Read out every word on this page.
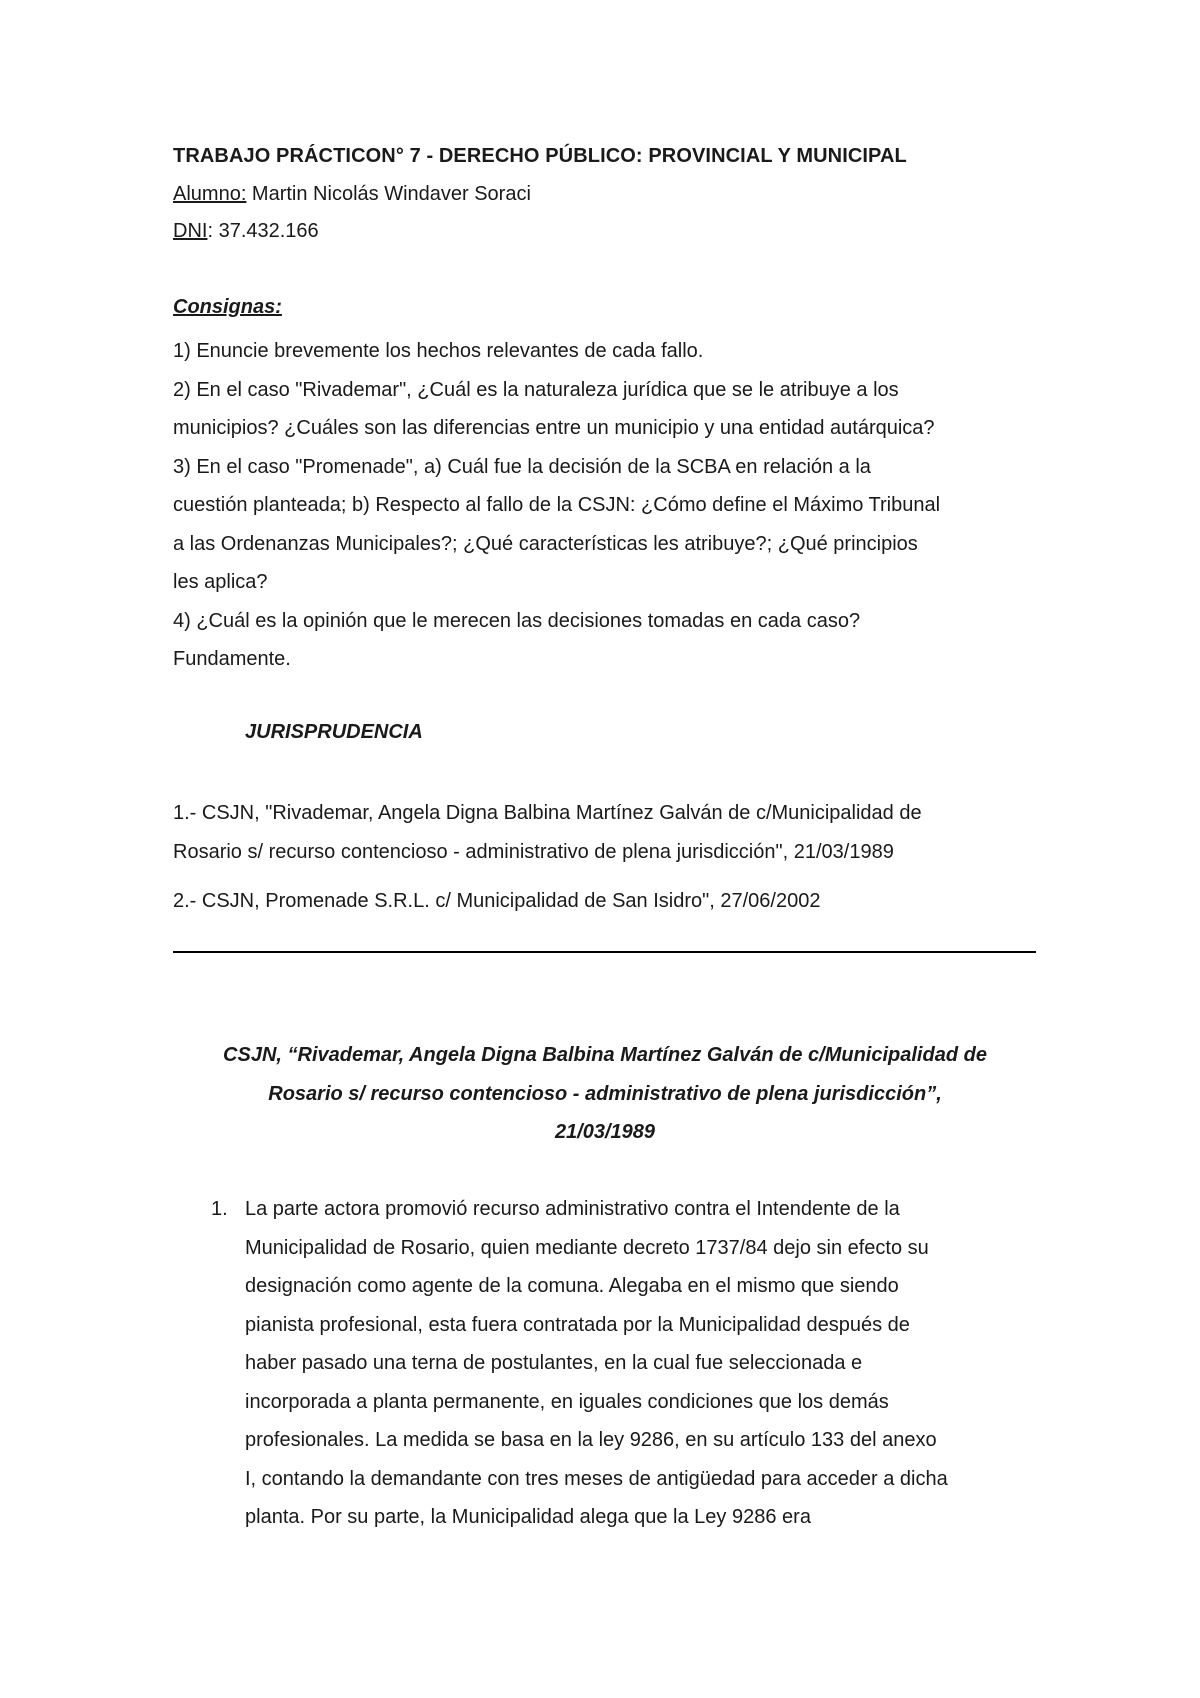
TRABAJO PRÁCTICON° 7 - DERECHO PÚBLICO: PROVINCIAL Y MUNICIPAL
Alumno: Martin Nicolás Windaver Soraci
DNI: 37.432.166
Consignas:
1) Enuncie brevemente los hechos relevantes de cada fallo.
2) En el caso "Rivademar", ¿Cuál es la naturaleza jurídica que se le atribuye a los
municipios? ¿Cuáles son las diferencias entre un municipio y una entidad autárquica?
3) En el caso "Promenade", a) Cuál fue la decisión de la SCBA en relación a la
cuestión planteada; b) Respecto al fallo de la CSJN: ¿Cómo define el Máximo Tribunal
a las Ordenanzas Municipales?; ¿Qué características les atribuye?; ¿Qué principios
les aplica?
4) ¿Cuál es la opinión que le merecen las decisiones tomadas en cada caso?
Fundamente.
JURISPRUDENCIA
1.- CSJN, "Rivademar, Angela Digna Balbina Martínez Galván de c/Municipalidad de
Rosario s/ recurso contencioso - administrativo de plena jurisdicción", 21/03/1989
2.- CSJN, Promenade S.R.L. c/ Municipalidad de San Isidro", 27/06/2002
CSJN, “Rivademar, Angela Digna Balbina Martínez Galván de c/Municipalidad de
Rosario s/ recurso contencioso - administrativo de plena jurisdicción”,
21/03/1989
1. La parte actora promovió recurso administrativo contra el Intendente de la
Municipalidad de Rosario, quien mediante decreto 1737/84 dejo sin efecto su
designación como agente de la comuna. Alegaba en el mismo que siendo
pianista profesional, esta fuera contratada por la Municipalidad después de
haber pasado una terna de postulantes, en la cual fue seleccionada e
incorporada a planta permanente, en iguales condiciones que los demás
profesionales. La medida se basa en la ley 9286, en su artículo 133 del anexo
I, contando la demandante con tres meses de antigüedad para acceder a dicha
planta. Por su parte, la Municipalidad alega que la Ley 9286 era
